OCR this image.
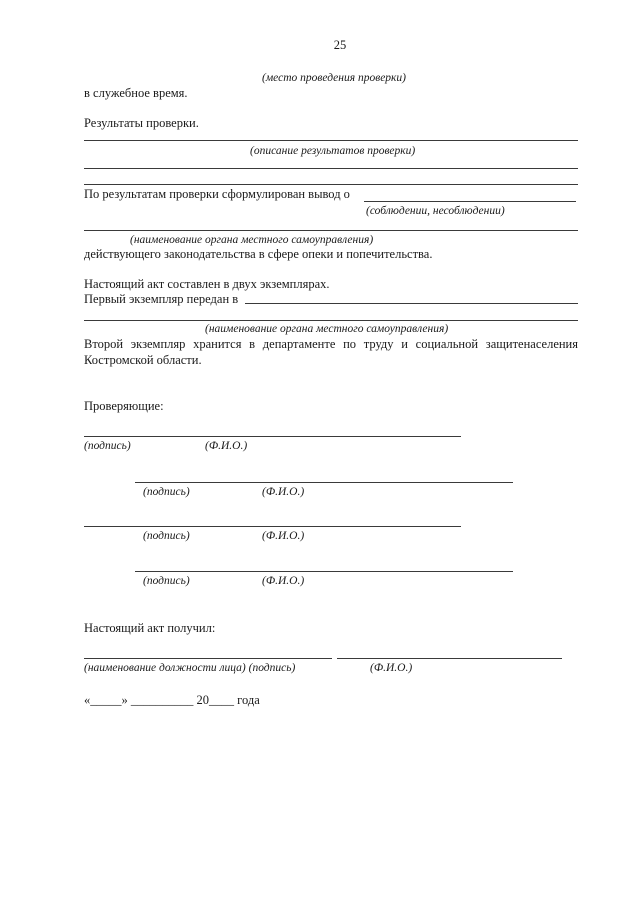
25
(место проведения проверки)
в служебное время.
Результаты проверки.
(описание результатов проверки)
По результатам проверки сформулирован вывод о
(соблюдении, несоблюдении)
(наименование органа местного самоуправления)
действующего законодательства в сфере опеки и попечительства.
Настоящий акт составлен в двух экземплярах.
Первый экземпляр передан в
(наименование органа местного самоуправления)
Второй экземпляр хранится в департаменте по труду и социальной защитенаселения
Костромской области.
Проверяющие:
(подпись)	(Ф.И.О.)
(подпись)	(Ф.И.О.)
(подпись)	(Ф.И.О.)
(подпись)	(Ф.И.О.)
Настоящий акт получил:
(наименование должности лица) (подпись)	(Ф.И.О.)
«_____» __________ 20____ года
